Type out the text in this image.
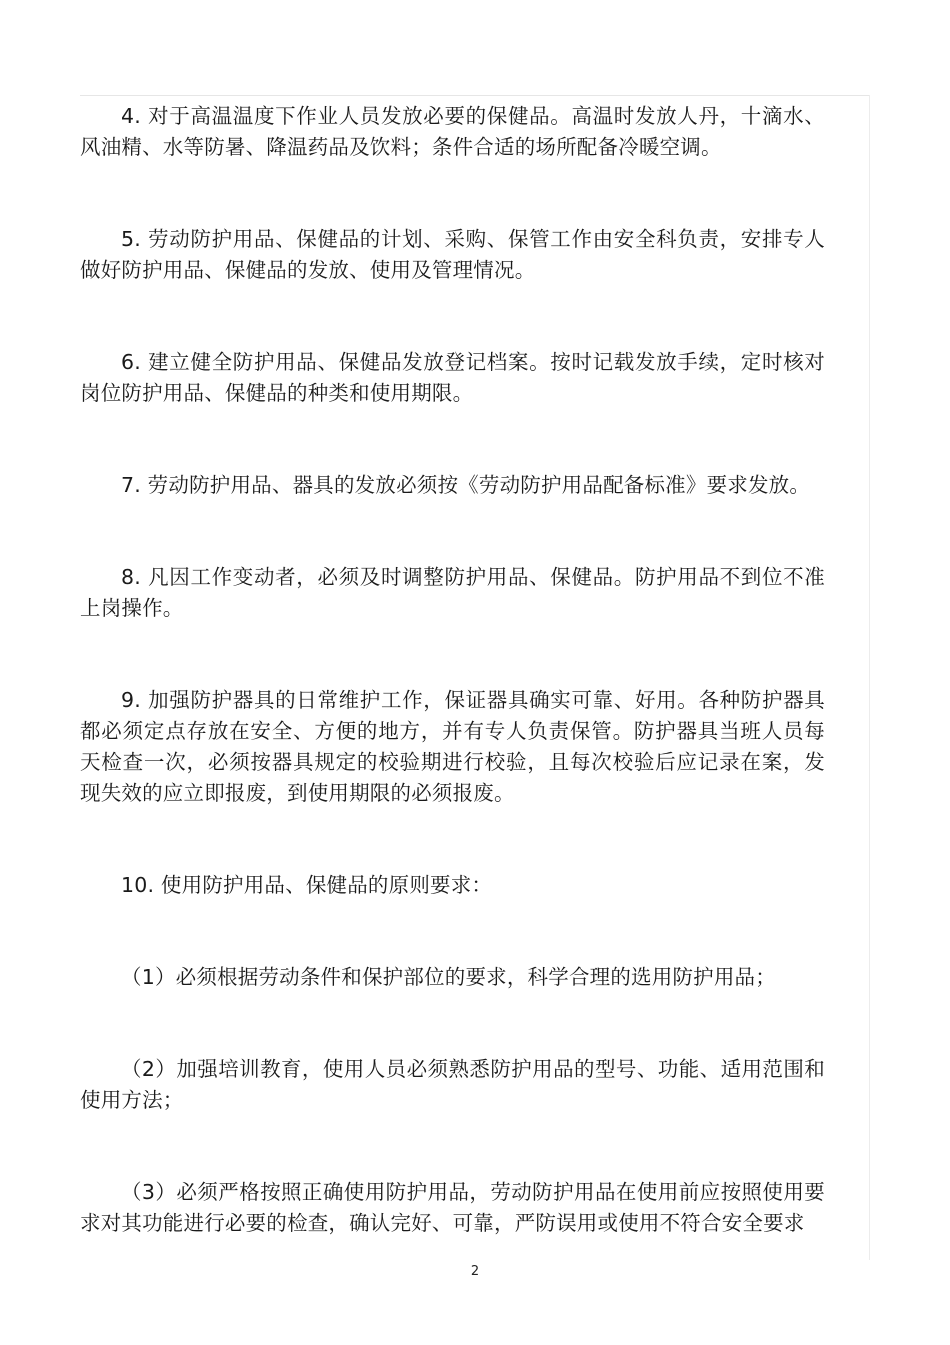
4. 对于高温温度下作业人员发放必要的保健品。高温时发放人丹，十滴水、风油精、水等防暑、降温药品及饮料；条件合适的场所配备冷暖空调。

5. 劳动防护用品、保健品的计划、采购、保管工作由安全科负责，安排专人做好防护用品、保健品的发放、使用及管理情况。

6. 建立健全防护用品、保健品发放登记档案。按时记载发放手续，定时核对岗位防护用品、保健品的种类和使用期限。

7. 劳动防护用品、器具的发放必须按《劳动防护用品配备标准》要求发放。

8. 凡因工作变动者，必须及时调整防护用品、保健品。防护用品不到位不准上岗操作。

9. 加强防护器具的日常维护工作，保证器具确实可靠、好用。各种防护器具都必须定点存放在安全、方便的地方，并有专人负责保管。防护器具当班人员每天检查一次，必须按器具规定的校验期进行校验，且每次校验后应记录在案，发现失效的应立即报废，到使用期限的必须报废。

10. 使用防护用品、保健品的原则要求：

（1）必须根据劳动条件和保护部位的要求，科学合理的选用防护用品；

（2）加强培训教育，使用人员必须熟悉防护用品的型号、功能、适用范围和使用方法；

（3）必须严格按照正确使用防护用品，劳动防护用品在使用前应按照使用要求对其功能进行必要的检查，确认完好、可靠，严防误用或使用不符合安全要求

2
